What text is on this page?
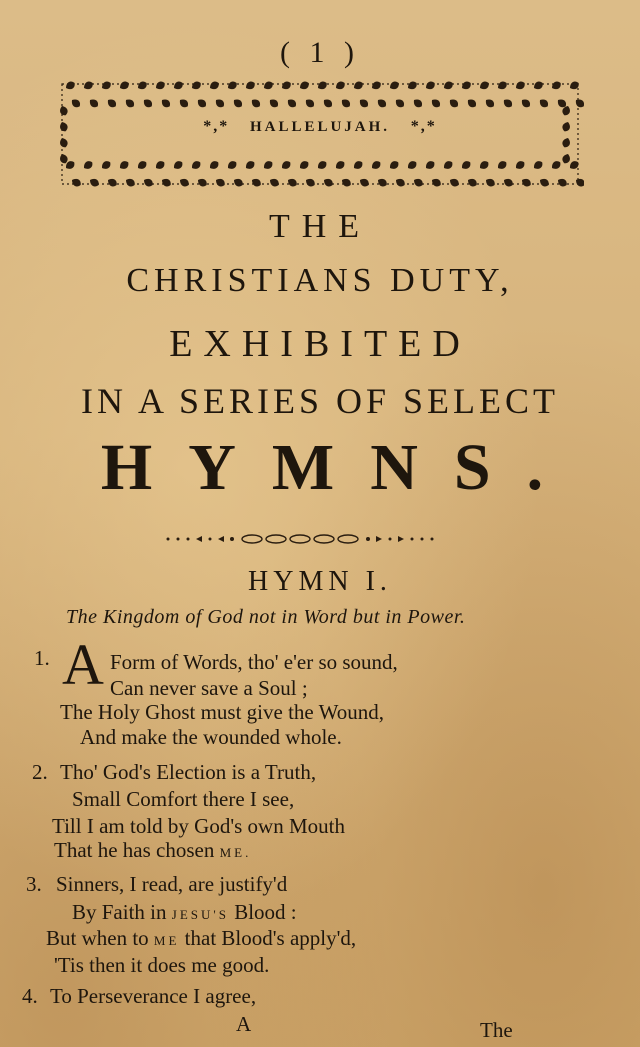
( 1 )
*,* HALLELUJAH. *,*
THE
CHRISTIANS DUTY,
EXHIBITED
IN A SERIES OF SELECT
HYMNS.
HYMN I.
The Kingdom of God not in Word but in Power.
1. A Form of Words, tho' e'er so sound,
Can never save a Soul ;
The Holy Ghost must give the Wound,
And make the wounded whole.
2. Tho' God's Election is a Truth,
Small Comfort there I see,
Till I am told by God's own Mouth
That he has chosen ME.
3. Sinners, I read, are justify'd
By Faith in JESU'S Blood :
But when to ME that Blood's apply'd,
'Tis then it does me good.
4. To Perseverance I agree,
A	The
